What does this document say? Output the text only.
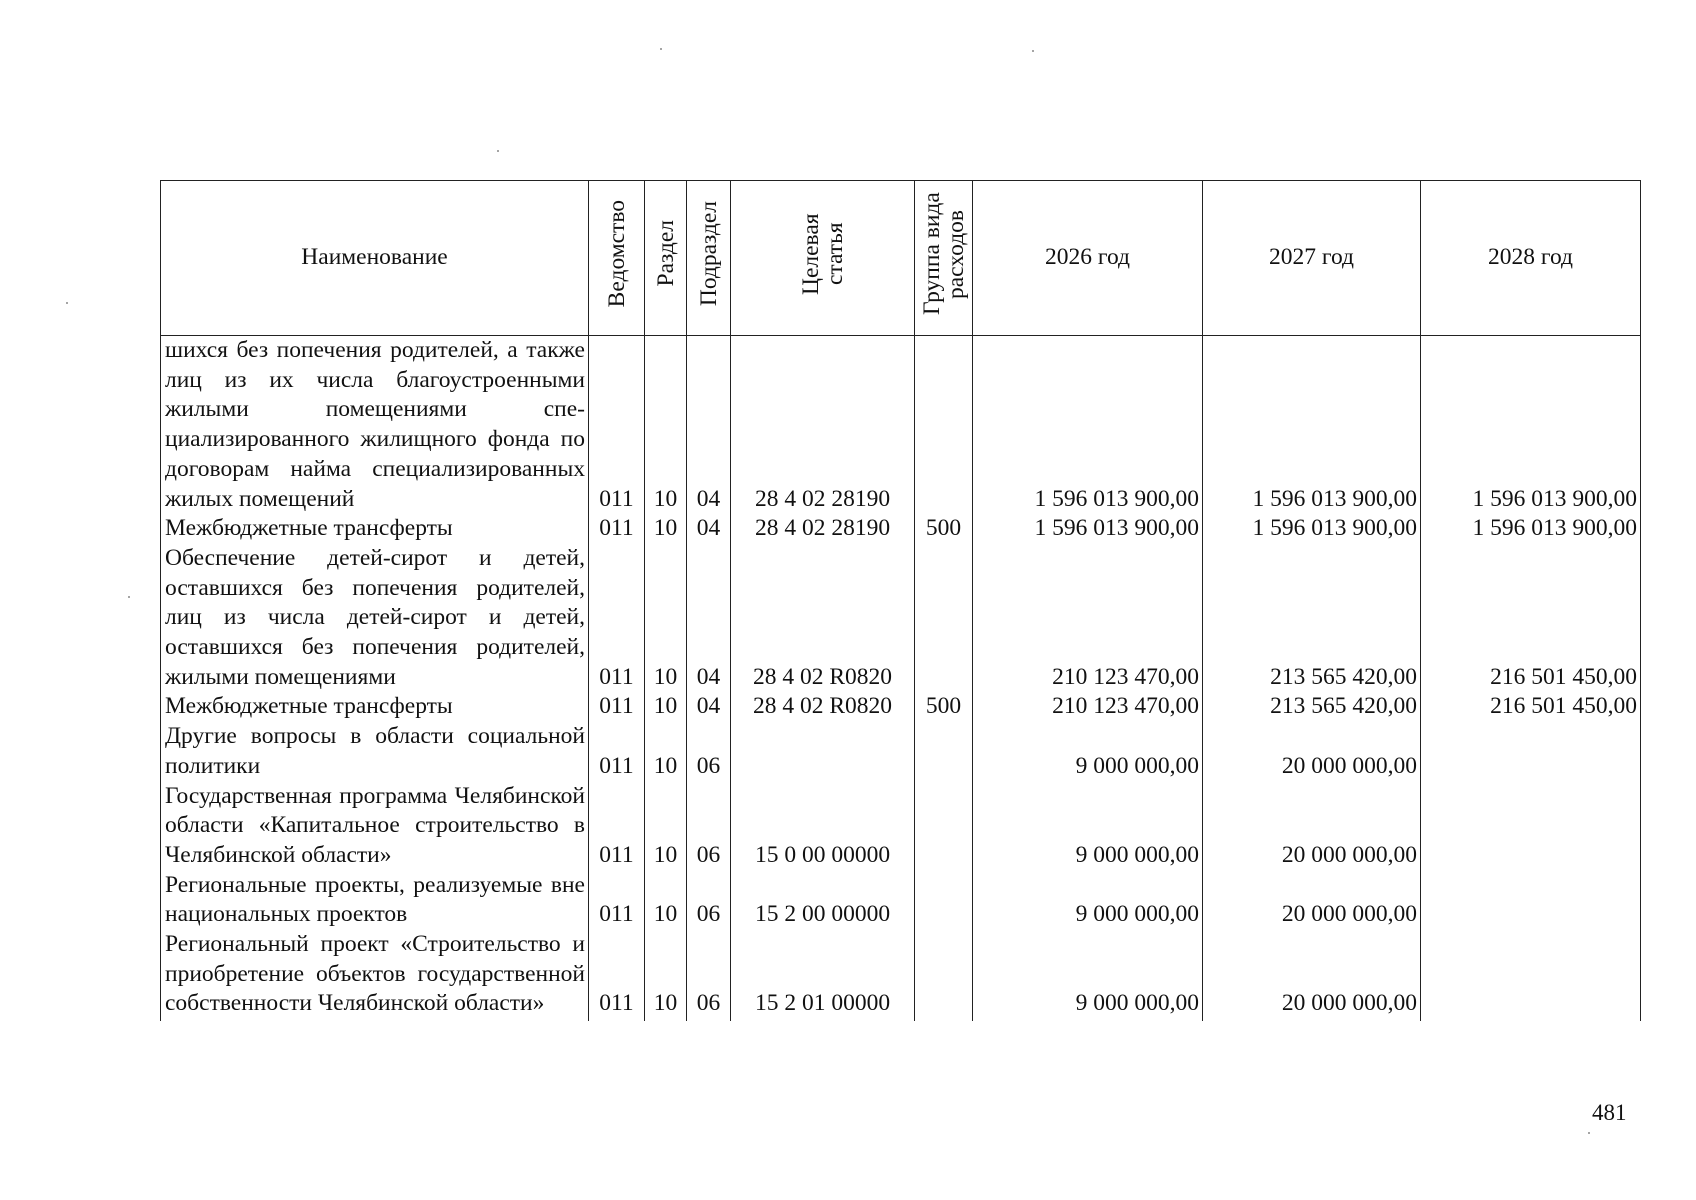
Наименование	Ведомство	Раздел	Подраздел	Целевая статья	Группа вида расходов	2026 год	2027 год	2028 год
шихся без попечения родителей, а также лиц из их числа благоустроенными жилыми помещениями специализированного жилищного фонда по договорам найма специализированных жилых помещений	011	10	04	28 4 02 28190		1 596 013 900,00	1 596 013 900,00	1 596 013 900,00
Межбюджетные трансферты	011	10	04	28 4 02 28190	500	1 596 013 900,00	1 596 013 900,00	1 596 013 900,00
Обеспечение детей-сирот и детей, оставшихся без попечения родителей, лиц из числа детей-сирот и детей, оставшихся без попечения родителей, жилыми помещениями	011	10	04	28 4 02 R0820		210 123 470,00	213 565 420,00	216 501 450,00
Межбюджетные трансферты	011	10	04	28 4 02 R0820	500	210 123 470,00	213 565 420,00	216 501 450,00
Другие вопросы в области социальной политики	011	10	06			9 000 000,00	20 000 000,00	
Государственная программа Челябинской области «Капитальное строительство в Челябинской области»	011	10	06	15 0 00 00000		9 000 000,00	20 000 000,00	
Региональные проекты, реализуемые вне национальных проектов	011	10	06	15 2 00 00000		9 000 000,00	20 000 000,00	
Региональный проект «Строительство и приобретение объектов государственной собственности Челябинской области»	011	10	06	15 2 01 00000		9 000 000,00	20 000 000,00	
481
